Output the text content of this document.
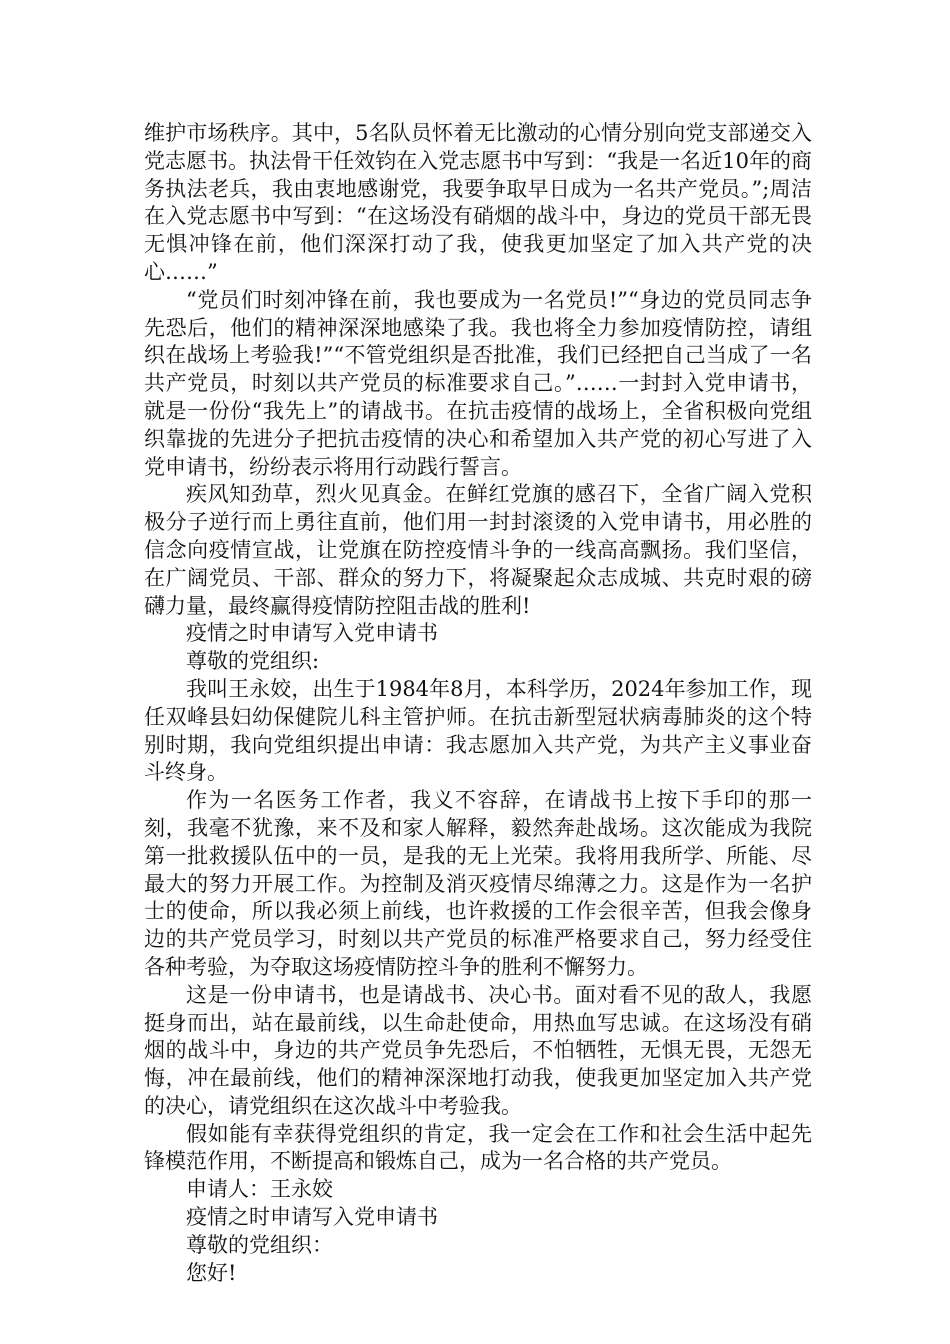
维护市场秩序。其中，5名队员怀着无比激动的心情分别向党支部递交入党志愿书。执法骨干任效钧在入党志愿书中写到：“我是一名近10年的商务执法老兵，我由衷地感谢党，我要争取早日成为一名共产党员。”;周洁在入党志愿书中写到：“在这场没有硝烟的战斗中，身边的党员干部无畏无惧冲锋在前，他们深深打动了我，使我更加坚定了加入共产党的决心……”

“党员们时刻冲锋在前，我也要成为一名党员!”“身边的党员同志争先恐后，他们的精神深深地感染了我。我也将全力参加疫情防控，请组织在战场上考验我!”“不管党组织是否批准，我们已经把自己当成了一名共产党员，时刻以共产党员的标准要求自己。”……一封封入党申请书，就是一份份“我先上”的请战书。在抗击疫情的战场上，全省积极向党组织靠拢的先进分子把抗击疫情的决心和希望加入共产党的初心写进了入党申请书，纷纷表示将用行动践行誓言。

疾风知劲草，烈火见真金。在鲜红党旗的感召下，全省广阔入党积极分子逆行而上勇往直前，他们用一封封滚烫的入党申请书，用必胜的信念向疫情宣战，让党旗在防控疫情斗争的一线高高飘扬。我们坚信，在广阔党员、干部、群众的努力下，将凝聚起众志成城、共克时艰的磅礴力量，最终赢得疫情防控阻击战的胜利!

疫情之时申请写入党申请书

尊敬的党组织:

我叫王永姣，出生于1984年8月，本科学历，2024年参加工作，现任双峰县妇幼保健院儿科主管护师。在抗击新型冠状病毒肺炎的这个特别时期，我向党组织提出申请：我志愿加入共产党，为共产主义事业奋斗终身。

作为一名医务工作者，我义不容辞，在请战书上按下手印的那一刻，我毫不犹豫，来不及和家人解释，毅然奔赴战场。这次能成为我院第一批救援队伍中的一员，是我的无上光荣。我将用我所学、所能、尽最大的努力开展工作。为控制及消灭疫情尽绵薄之力。这是作为一名护士的使命，所以我必须上前线，也许救援的工作会很辛苦，但我会像身边的共产党员学习，时刻以共产党员的标准严格要求自己，努力经受住各种考验，为夺取这场疫情防控斗争的胜利不懈努力。

这是一份申请书，也是请战书、决心书。面对看不见的敌人，我愿挺身而出，站在最前线，以生命赴使命，用热血写忠诚。在这场没有硝烟的战斗中，身边的共产党员争先恐后，不怕牺牲，无惧无畏，无怨无悔，冲在最前线，他们的精神深深地打动我，使我更加坚定加入共产党的决心，请党组织在这次战斗中考验我。

假如能有幸获得党组织的肯定，我一定会在工作和社会生活中起先锋模范作用，不断提高和锻炼自己，成为一名合格的共产党员。

申请人：王永姣

疫情之时申请写入党申请书

尊敬的党组织：

您好!
